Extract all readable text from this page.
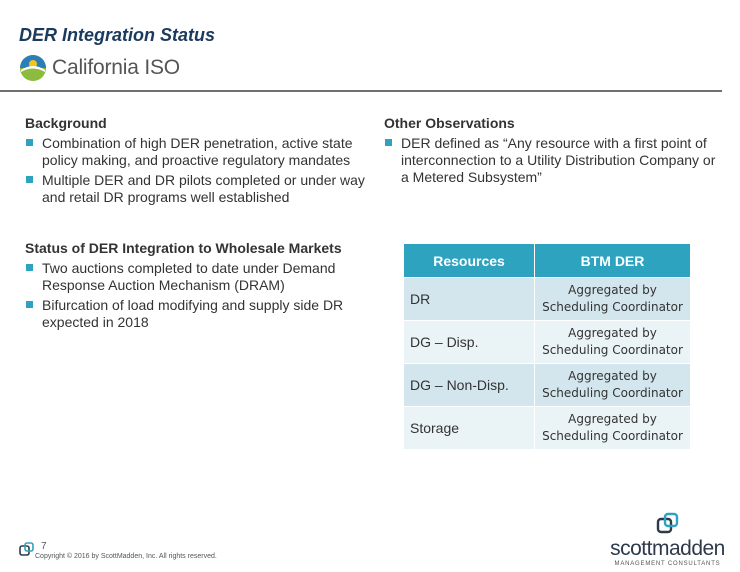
DER Integration Status
California ISO
Background
Combination of high DER penetration, active state policy making, and proactive regulatory mandates
Multiple DER and DR pilots completed or under way and retail DR programs well established
Status of DER Integration to Wholesale Markets
Two auctions completed to date under Demand Response Auction Mechanism (DRAM)
Bifurcation of load modifying and supply side DR expected in 2018
Other Observations
DER defined as “Any resource with a first point of interconnection to a Utility Distribution Company or a Metered Subsystem”
Resources	BTM DER
DR	Aggregated by
Scheduling Coordinator
DG – Disp.	Aggregated by
Scheduling Coordinator
DG – Non-Disp.	Aggregated by
Scheduling Coordinator
Storage	Aggregated by
Scheduling Coordinator
7
Copyright © 2016 by ScottMadden, Inc. All rights reserved.	scottmadden
MANAGEMENT CONSULTANTS
